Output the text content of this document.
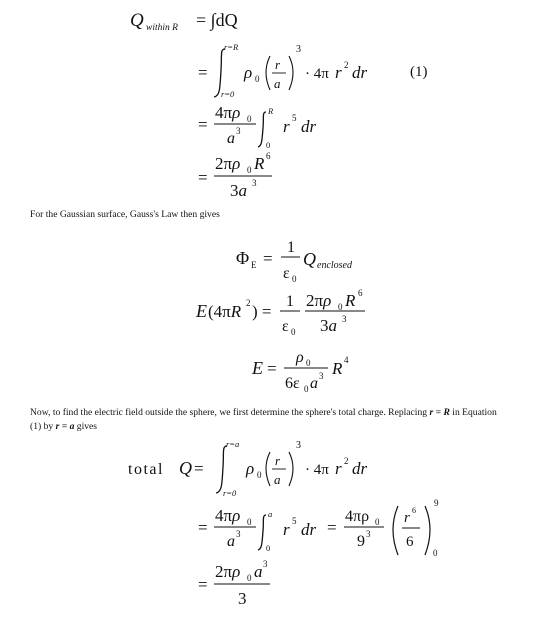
Q within R = ∫dQ
=
r=R
r=0
ρ 0
r
a
3
· 4π r 2 dr
=
4πρ 0
a 3
R
0
r 5 dr
=
2πρ 0 R 6
3a 3
(1)
For the Gaussian surface, Gauss's Law then gives
Φ E =
1
ε 0
Q enclosed
E (4πR 2 ) =
1
ε 0
2πρ 0 R 6
3a 3
E =
ρ 0
6ε 0 a 3 R 4
Now, to find the electric field outside the sphere, we first determine the sphere's total charge. Replacing r = R in Equation (1) by r = a gives
total Q =
r=a
r=0
ρ 0
r
a
3
· 4π r 2 dr
=
4πρ 0
a 3
a
0
r 5 dr =
4πρ 0
9 3
r 6
6
9
0
=
2πρ 0 a 3
3
